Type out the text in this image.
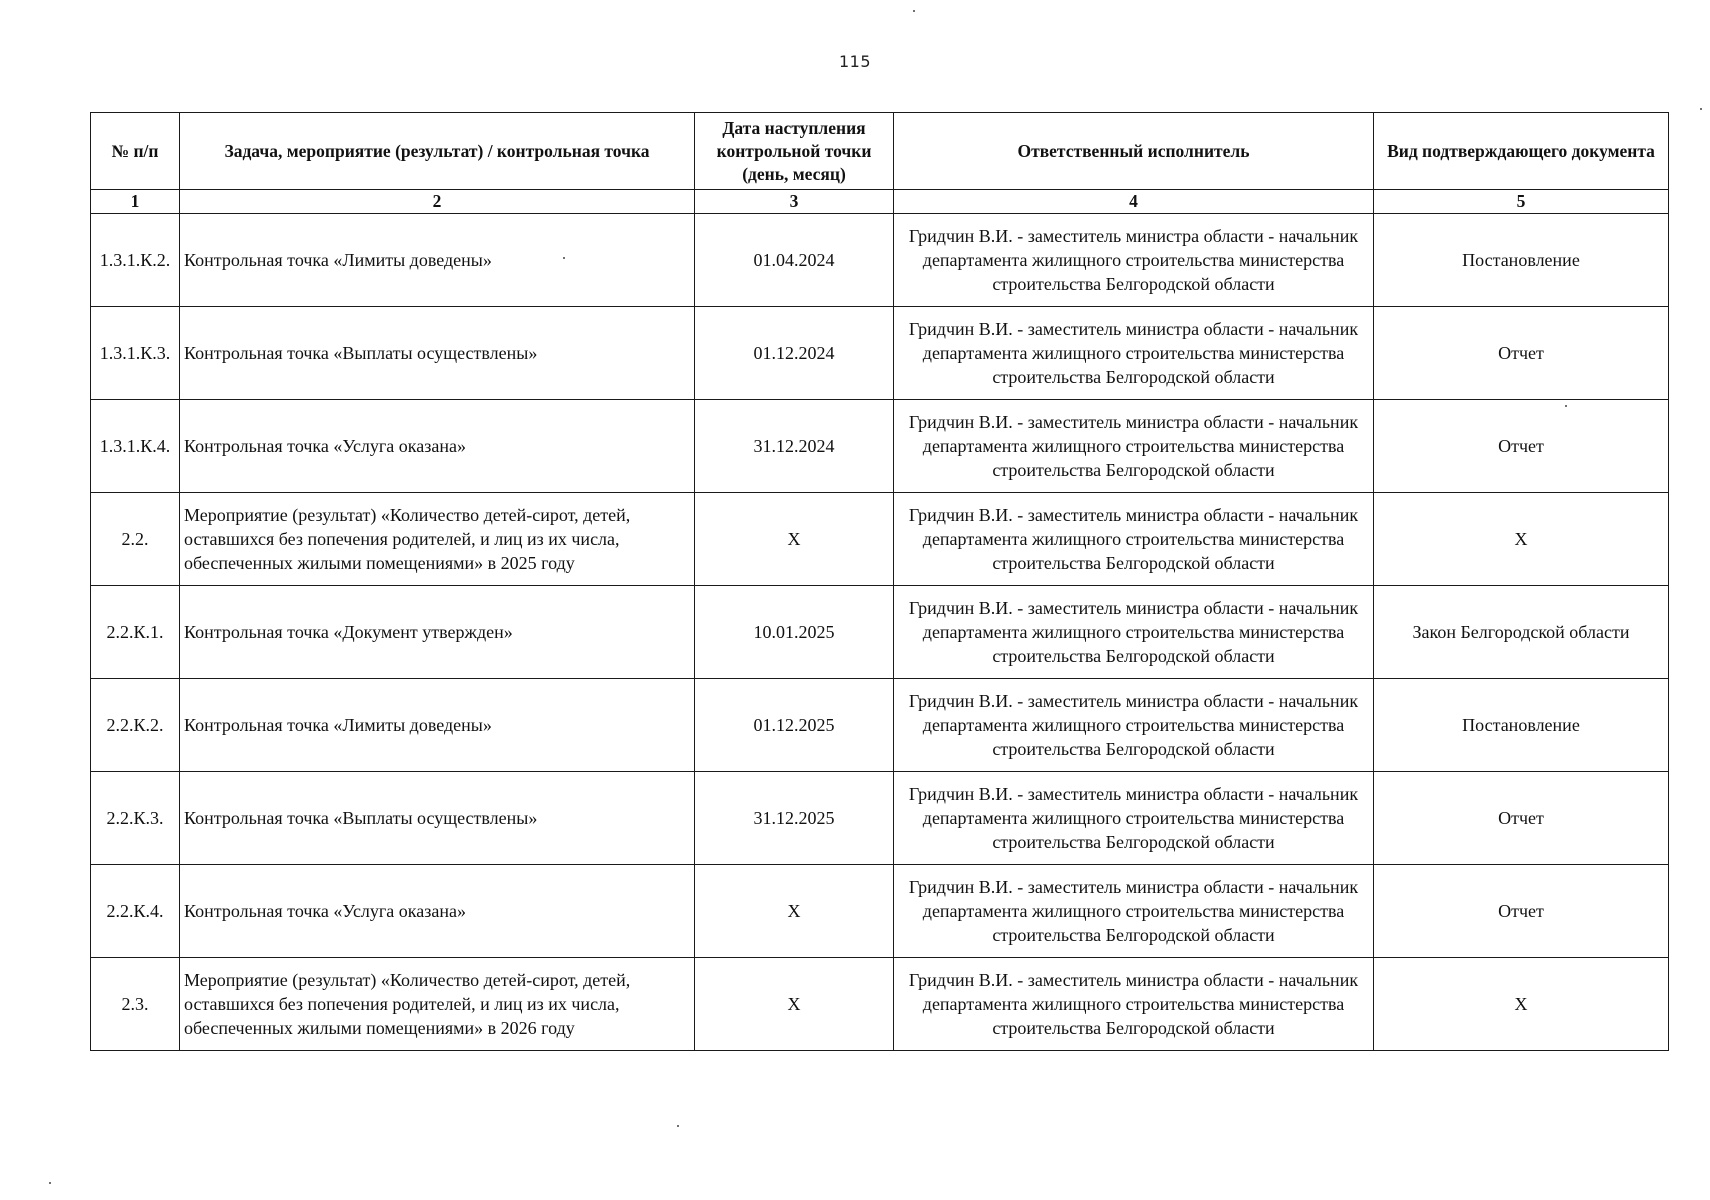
115
№ п/п	Задача, мероприятие (результат) / контрольная точка	Дата наступления контрольной точки (день, месяц)	Ответственный исполнитель	Вид подтверждающего документа
1	2	3	4	5
1.3.1.К.2.	Контрольная точка «Лимиты доведены»	01.04.2024	Гридчин В.И. - заместитель министра области - начальник департамента жилищного строительства министерства строительства Белгородской области	Постановление
1.3.1.К.3.	Контрольная точка «Выплаты осуществлены»	01.12.2024	Гридчин В.И. - заместитель министра области - начальник департамента жилищного строительства министерства строительства Белгородской области	Отчет
1.3.1.К.4.	Контрольная точка «Услуга оказана»	31.12.2024	Гридчин В.И. - заместитель министра области - начальник департамента жилищного строительства министерства строительства Белгородской области	Отчет
2.2.	Мероприятие (результат) «Количество детей-сирот, детей, оставшихся без попечения родителей, и лиц из их числа, обеспеченных жилыми помещениями» в 2025 году	Х	Гридчин В.И. - заместитель министра области - начальник департамента жилищного строительства министерства строительства Белгородской области	Х
2.2.К.1.	Контрольная точка «Документ утвержден»	10.01.2025	Гридчин В.И. - заместитель министра области - начальник департамента жилищного строительства министерства строительства Белгородской области	Закон Белгородской области
2.2.К.2.	Контрольная точка «Лимиты доведены»	01.12.2025	Гридчин В.И. - заместитель министра области - начальник департамента жилищного строительства министерства строительства Белгородской области	Постановление
2.2.К.3.	Контрольная точка «Выплаты осуществлены»	31.12.2025	Гридчин В.И. - заместитель министра области - начальник департамента жилищного строительства министерства строительства Белгородской области	Отчет
2.2.К.4.	Контрольная точка «Услуга оказана»	Х	Гридчин В.И. - заместитель министра области - начальник департамента жилищного строительства министерства строительства Белгородской области	Отчет
2.3.	Мероприятие (результат) «Количество детей-сирот, детей, оставшихся без попечения родителей, и лиц из их числа, обеспеченных жилыми помещениями» в 2026 году	Х	Гридчин В.И. - заместитель министра области - начальник департамента жилищного строительства министерства строительства Белгородской области	Х
